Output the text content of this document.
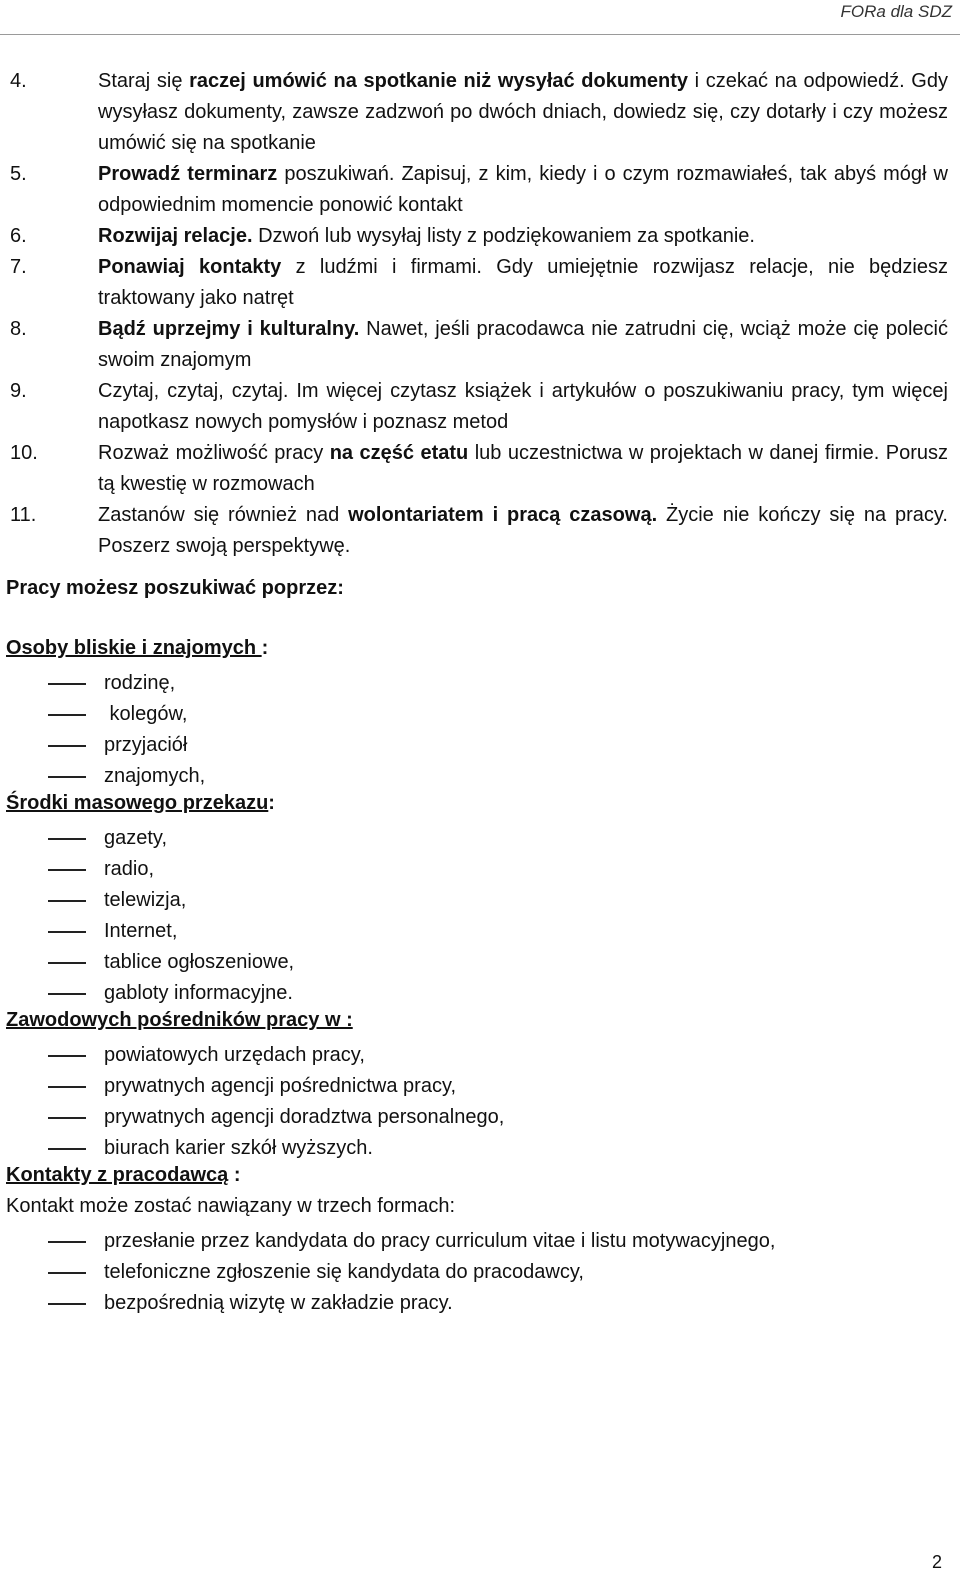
FORa dla SDZ
4.	Staraj się raczej umówić na spotkanie niż wysyłać dokumenty i czekać na odpowiedź. Gdy wysyłasz dokumenty, zawsze zadzwoń po dwóch dniach, dowiedz się, czy dotarły i czy możesz umówić się na spotkanie
5.	Prowadź terminarz poszukiwań. Zapisuj, z kim, kiedy i o czym rozmawiałeś, tak abyś mógł w odpowiednim momencie ponowić kontakt
6.	Rozwijaj relacje. Dzwoń lub wysyłaj listy z podziękowaniem za spotkanie.
7.	Ponawiaj kontakty z ludźmi i firmami. Gdy umiejętnie rozwijasz relacje, nie będziesz traktowany jako natręt
8.	Bądź uprzejmy i kulturalny. Nawet, jeśli pracodawca nie zatrudni cię, wciąż może cię polecić swoim znajomym
9.	Czytaj, czytaj, czytaj. Im więcej czytasz książek i artykułów o poszukiwaniu pracy, tym więcej napotkasz nowych pomysłów i poznasz metod
10.	Rozważ możliwość pracy na część etatu lub uczestnictwa w projektach w danej firmie. Porusz tą kwestię w rozmowach
11.	Zastanów się również nad wolontariatem i pracą czasową. Życie nie kończy się na pracy. Poszerz swoją perspektywę.
Pracy możesz poszukiwać poprzez:
Osoby bliskie i znajomych :
rodzinę,
kolegów,
przyjaciół
znajomych,
Środki masowego przekazu:
gazety,
radio,
telewizja,
Internet,
tablice ogłoszeniowe,
gabloty informacyjne.
Zawodowych pośredników pracy w :
powiatowych urzędach pracy,
prywatnych agencji pośrednictwa pracy,
prywatnych agencji doradztwa personalnego,
biurach karier szkół wyższych.
Kontakty z pracodawcą :
Kontakt może zostać nawiązany w trzech formach:
przesłanie przez kandydata do pracy curriculum vitae i listu motywacyjnego,
telefoniczne zgłoszenie się kandydata do pracodawcy,
bezpośrednią wizytę w zakładzie pracy.
2
